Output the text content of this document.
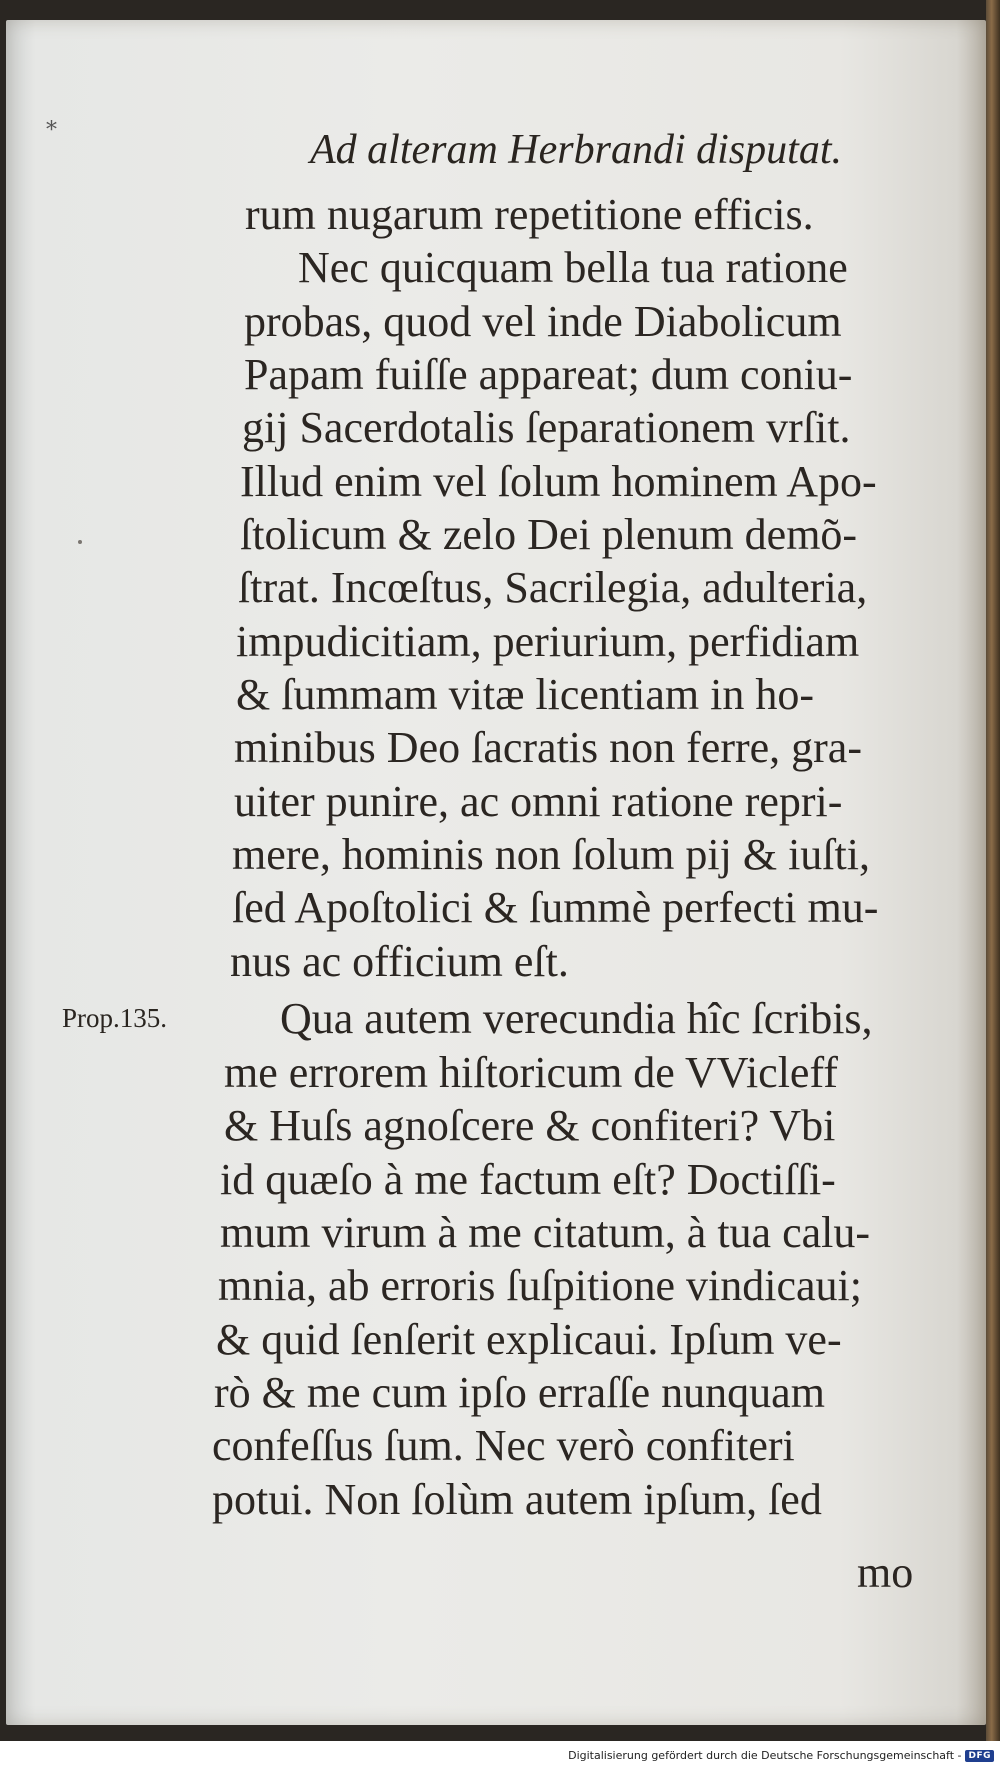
*	Ad alteram Herbrandi disputat.
Prop.135.
rum nugarum repetitione efficis.
Nec quicquam bella tua ratione
probas, quod vel inde Diabolicum
Papam fuiſſe appareat; dum coniu-
gij Sacerdotalis ſeparationem vrſit.
Illud enim vel ſolum hominem Apo-
ſtolicum & zelo Dei plenum demõ-
ſtrat. Incœſtus, Sacrilegia, adulteria,
impudicitiam, periurium, perfidiam
& ſummam vitæ licentiam in ho-
minibus Deo ſacratis non ferre, gra-
uiter punire, ac omni ratione repri-
mere, hominis non ſolum pij & iuſti,
ſed Apoſtolici & ſummè perfecti mu-
nus ac officium eſt.
Qua autem verecundia hîc ſcribis,
me errorem hiſtoricum de VVicleff
& Huſs agnoſcere & confiteri? Vbi
id quæſo à me factum eſt? Doctiſſi-
mum virum à me citatum, à tua calu-
mnia, ab erroris ſuſpitione vindicaui;
& quid ſenſerit explicaui. Ipſum ve-
rò & me cum ipſo erraſſe nunquam
confeſſus ſum. Nec verò confiteri
potui. Non ſolùm autem ipſum, ſed
mo
Digitalisierung gefördert durch die Deutsche Forschungsgemeinschaft - DFG
